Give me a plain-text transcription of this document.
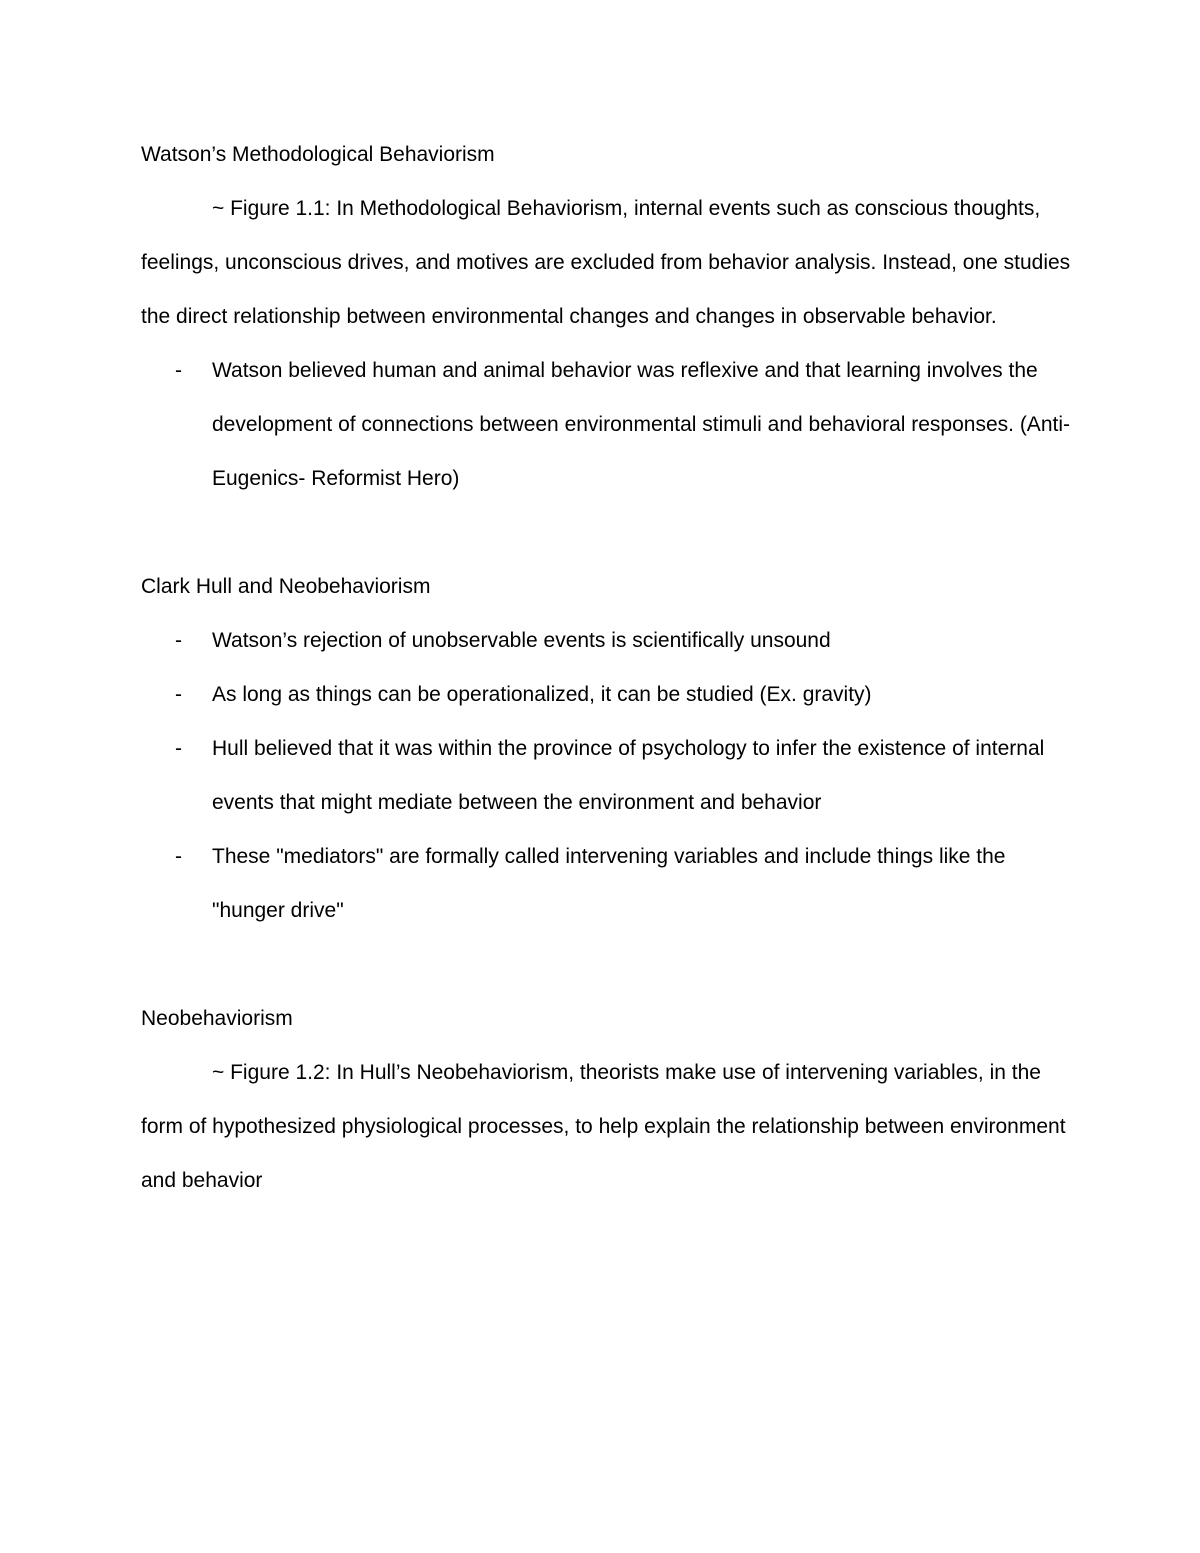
Watson’s Methodological Behaviorism

~ Figure 1.1: In Methodological Behaviorism, internal events such as conscious thoughts, feelings, unconscious drives, and motives are excluded from behavior analysis. Instead, one studies the direct relationship between environmental changes and changes in observable behavior.

- Watson believed human and animal behavior was reflexive and that learning involves the development of connections between environmental stimuli and behavioral responses. (Anti-Eugenics- Reformist Hero)
Clark Hull and Neobehaviorism
- Watson’s rejection of unobservable events is scientifically unsound
- As long as things can be operationalized, it can be studied (Ex. gravity)
- Hull believed that it was within the province of psychology to infer the existence of internal events that might mediate between the environment and behavior
- These "mediators" are formally called intervening variables and include things like the "hunger drive"
Neobehaviorism

~ Figure 1.2: In Hull’s Neobehaviorism, theorists make use of intervening variables, in the form of hypothesized physiological processes, to help explain the relationship between environment and behavior
